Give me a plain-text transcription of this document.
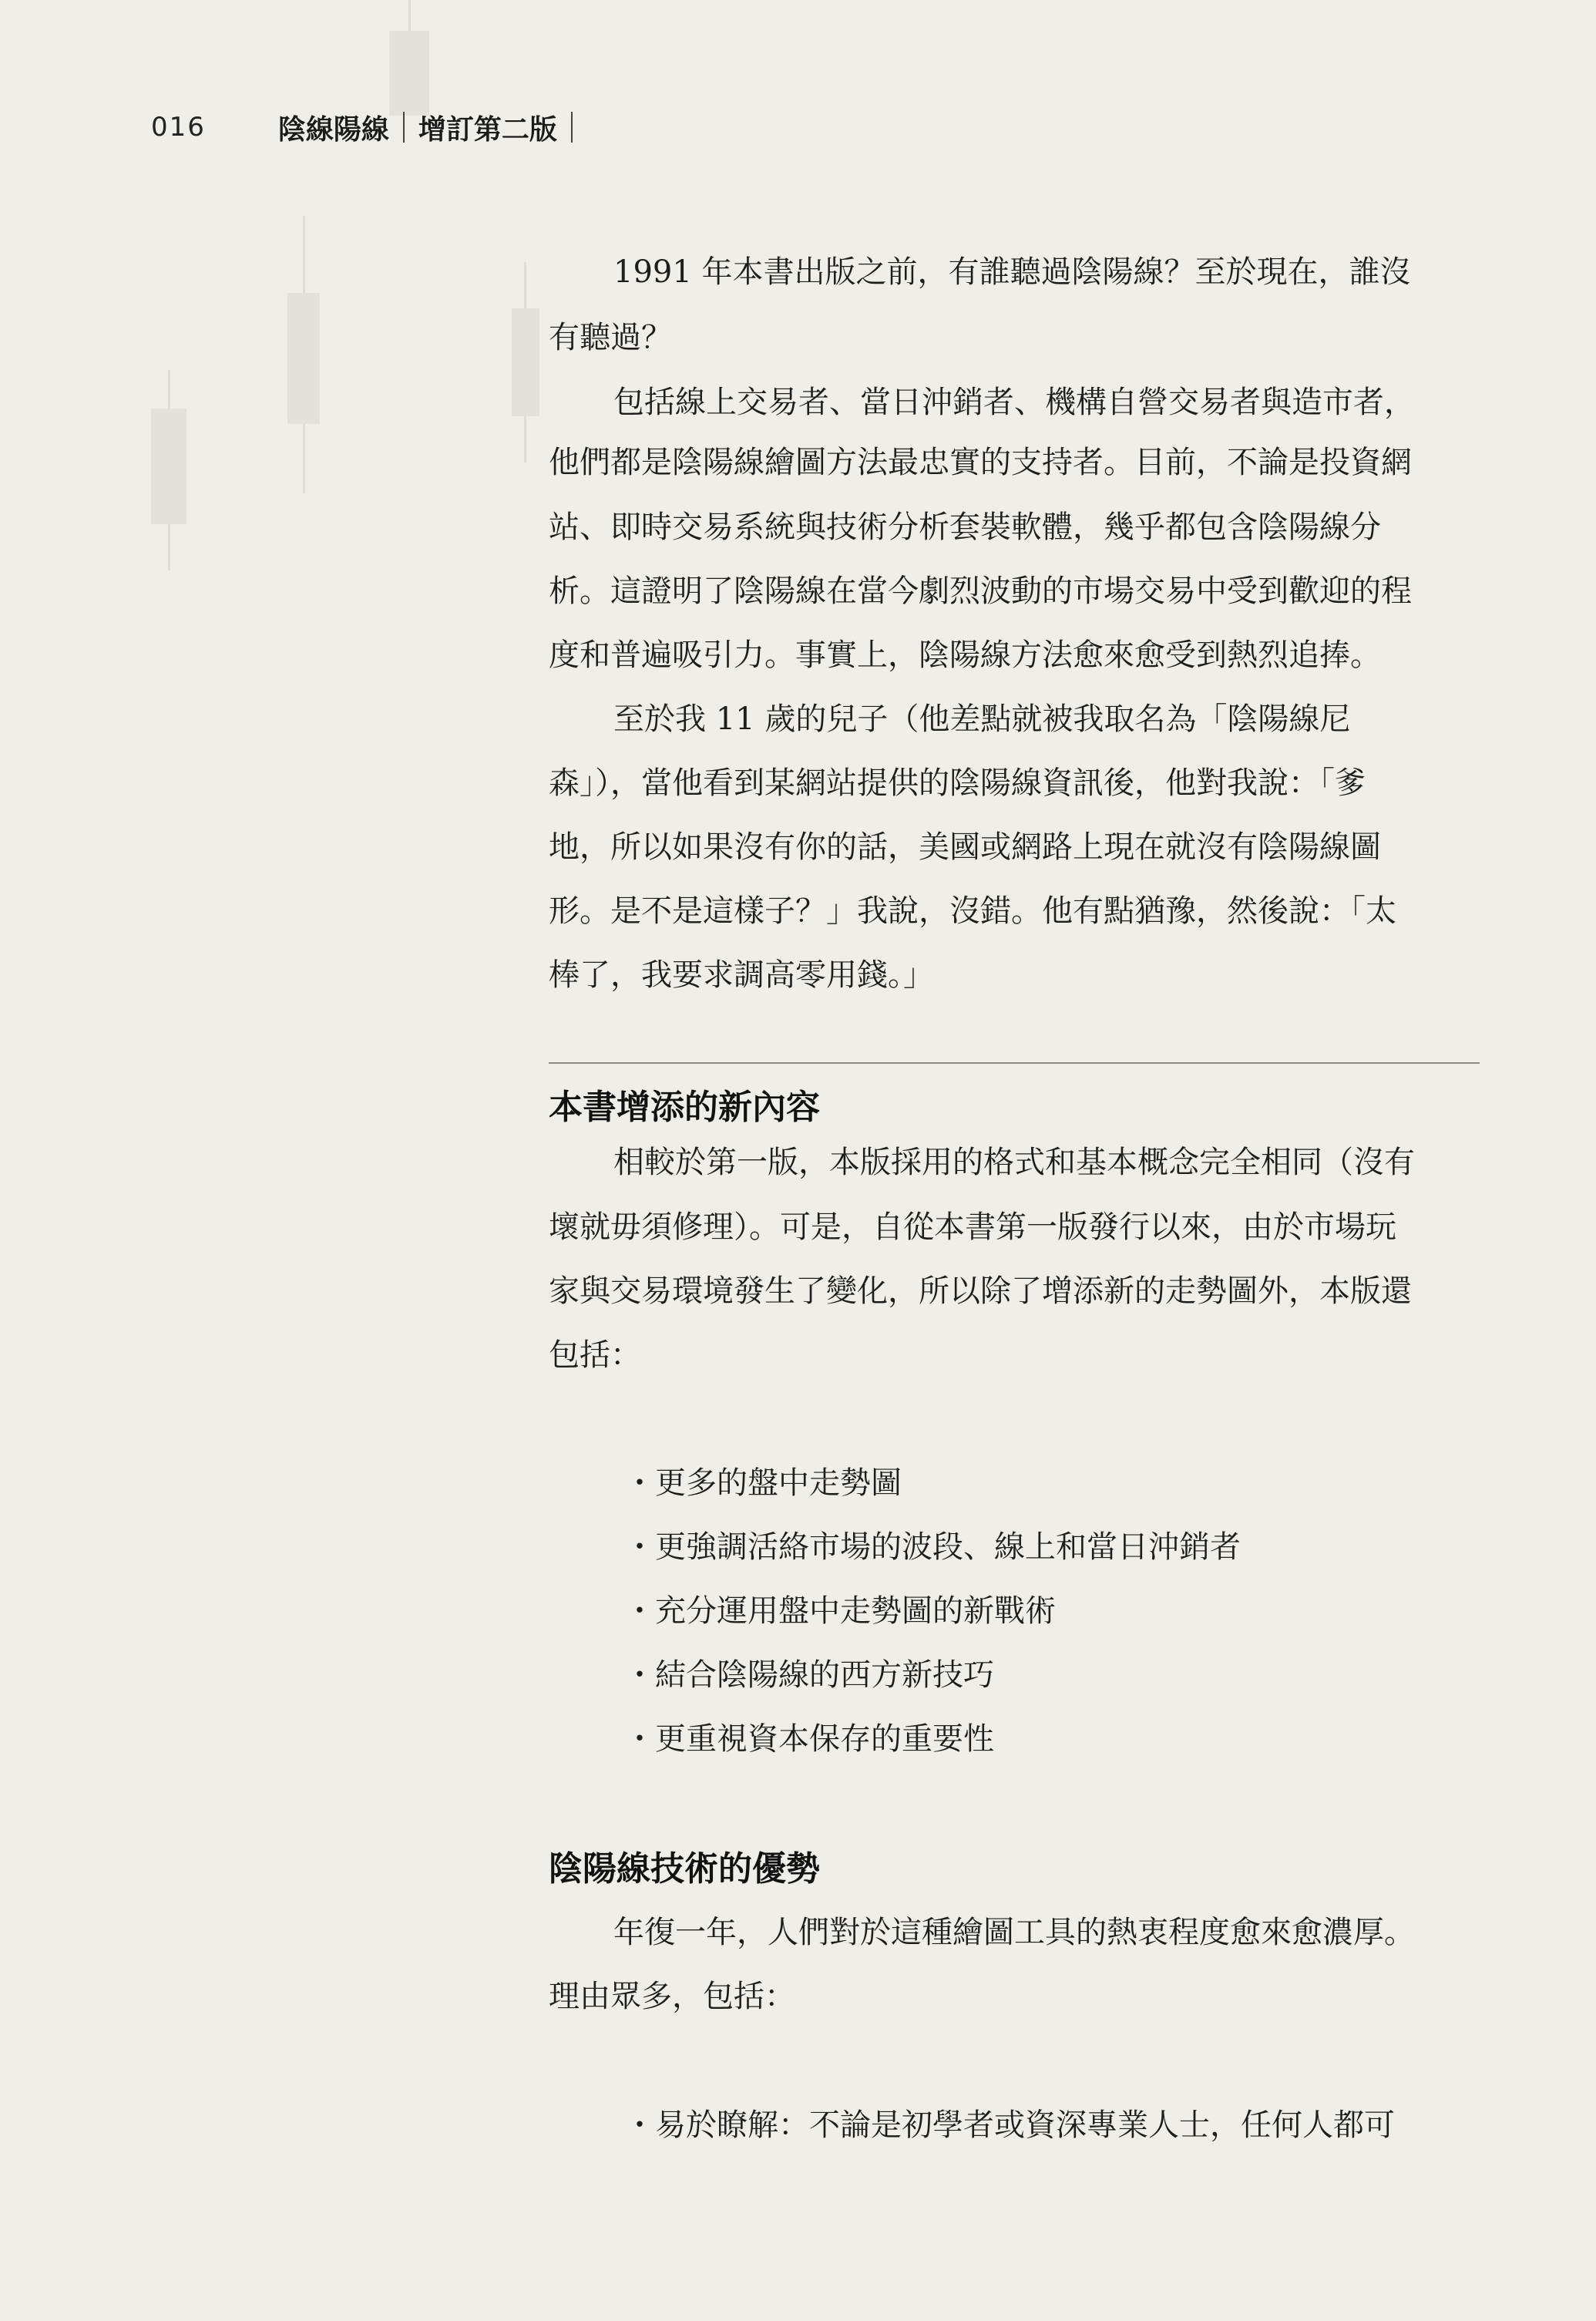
016	陰線陽線 增訂第二版
1991 年本書出版之前，有誰聽過陰陽線？至於現在，誰沒
有聽過？
包括線上交易者、當日沖銷者、機構自營交易者與造市者，
他們都是陰陽線繪圖方法最忠實的支持者。目前，不論是投資網
站、即時交易系統與技術分析套裝軟體，幾乎都包含陰陽線分
析。這證明了陰陽線在當今劇烈波動的市場交易中受到歡迎的程
度和普遍吸引力。事實上，陰陽線方法愈來愈受到熱烈追捧。
至於我 11 歲的兒子（他差點就被我取名為「陰陽線尼
森」），當他看到某網站提供的陰陽線資訊後，他對我說：「爹
地，所以如果沒有你的話，美國或網路上現在就沒有陰陽線圖
形。是不是這樣子？」我說，沒錯。他有點猶豫，然後說：「太
棒了，我要求調高零用錢。」
本書增添的新內容
相較於第一版，本版採用的格式和基本概念完全相同（沒有
壞就毋須修理）。可是，自從本書第一版發行以來，由於市場玩
家與交易環境發生了變化，所以除了增添新的走勢圖外，本版還
包括：
・更多的盤中走勢圖
・更強調活絡市場的波段、線上和當日沖銷者
・充分運用盤中走勢圖的新戰術
・結合陰陽線的西方新技巧
・更重視資本保存的重要性
陰陽線技術的優勢
年復一年，人們對於這種繪圖工具的熱衷程度愈來愈濃厚。
理由眾多，包括：
・易於瞭解：不論是初學者或資深專業人士，任何人都可
